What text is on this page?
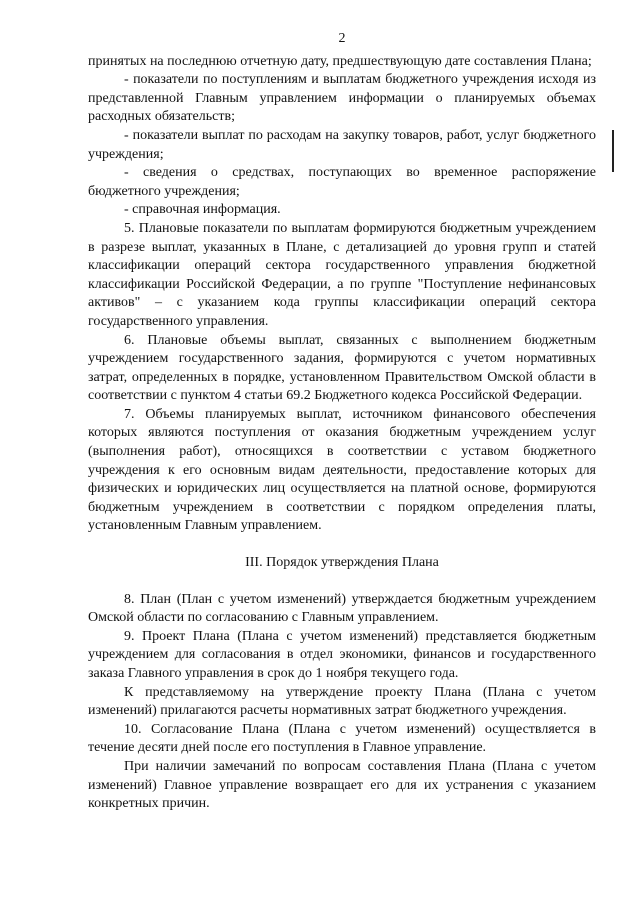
2
принятых на последнюю отчетную дату, предшествующую дате составления Плана;
- показатели по поступлениям и выплатам бюджетного учреждения исходя из представленной Главным управлением информации о планируемых объемах расходных обязательств;
- показатели выплат по расходам на закупку товаров, работ, услуг бюджетного учреждения;
- сведения о средствах, поступающих во временное распоряжение бюджетного учреждения;
- справочная информация.
5. Плановые показатели по выплатам формируются бюджетным учреждением в разрезе выплат, указанных в Плане, с детализацией до уровня групп и статей классификации операций сектора государственного управления бюджетной классификации Российской Федерации, а по группе "Поступление нефинансовых активов" – с указанием кода группы классификации операций сектора государственного управления.
6. Плановые объемы выплат, связанных с выполнением бюджетным учреждением государственного задания, формируются с учетом нормативных затрат, определенных в порядке, установленном Правительством Омской области в соответствии с пунктом 4 статьи 69.2 Бюджетного кодекса Российской Федерации.
7. Объемы планируемых выплат, источником финансового обеспечения которых являются поступления от оказания бюджетным учреждением услуг (выполнения работ), относящихся в соответствии с уставом бюджетного учреждения к его основным видам деятельности, предоставление которых для физических и юридических лиц осуществляется на платной основе, формируются бюджетным учреждением в соответствии с порядком определения платы, установленным Главным управлением.
III. Порядок утверждения Плана
8. План (План с учетом изменений) утверждается бюджетным учреждением Омской области по согласованию с Главным управлением.
9. Проект Плана (Плана с учетом изменений) представляется бюджетным учреждением для согласования в отдел экономики, финансов и государственного заказа Главного управления в срок до 1 ноября текущего года.
К представляемому на утверждение проекту Плана (Плана с учетом изменений) прилагаются расчеты нормативных затрат бюджетного учреждения.
10. Согласование Плана (Плана с учетом изменений) осуществляется в течение десяти дней после его поступления в Главное управление.
При наличии замечаний по вопросам составления Плана (Плана с учетом изменений) Главное управление возвращает его для их устранения с указанием конкретных причин.
